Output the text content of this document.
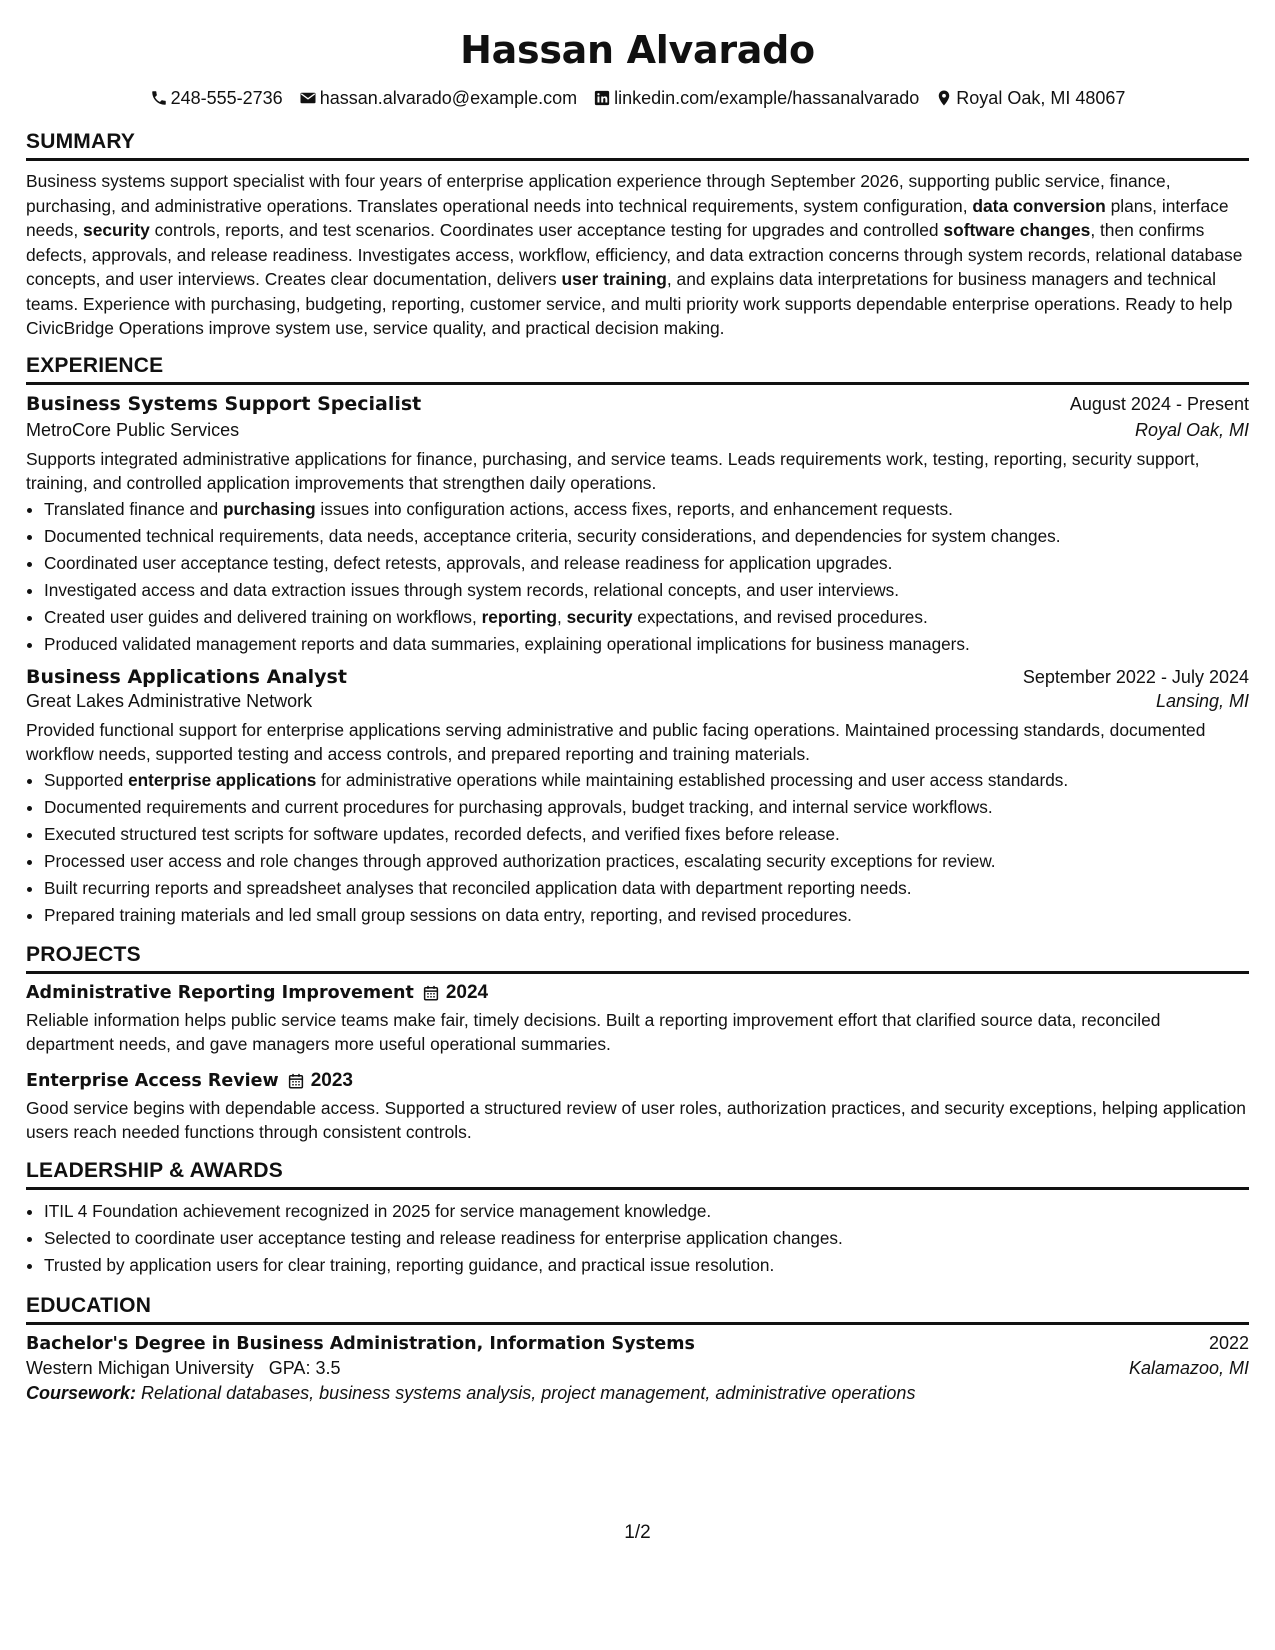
Hassan Alvarado
248-555-2736 hassan.alvarado@example.com linkedin.com/example/hassanalvarado Royal Oak, MI 48067
SUMMARY
Business systems support specialist with four years of enterprise application experience through September 2026, supporting public service, finance, purchasing, and administrative operations. Translates operational needs into technical requirements, system configuration, data conversion plans, interface needs, security controls, reports, and test scenarios. Coordinates user acceptance testing for upgrades and controlled software changes, then confirms defects, approvals, and release readiness. Investigates access, workflow, efficiency, and data extraction concerns through system records, relational database concepts, and user interviews. Creates clear documentation, delivers user training, and explains data interpretations for business managers and technical teams. Experience with purchasing, budgeting, reporting, customer service, and multi priority work supports dependable enterprise operations. Ready to help CivicBridge Operations improve system use, service quality, and practical decision making.
EXPERIENCE
Business Systems Support Specialist	August 2024 - Present
MetroCore Public Services	Royal Oak, MI
Supports integrated administrative applications for finance, purchasing, and service teams. Leads requirements work, testing, reporting, security support, training, and controlled application improvements that strengthen daily operations.
• Translated finance and purchasing issues into configuration actions, access fixes, reports, and enhancement requests.
• Documented technical requirements, data needs, acceptance criteria, security considerations, and dependencies for system changes.
• Coordinated user acceptance testing, defect retests, approvals, and release readiness for application upgrades.
• Investigated access and data extraction issues through system records, relational concepts, and user interviews.
• Created user guides and delivered training on workflows, reporting, security expectations, and revised procedures.
• Produced validated management reports and data summaries, explaining operational implications for business managers.
Business Applications Analyst	September 2022 - July 2024
Great Lakes Administrative Network	Lansing, MI
Provided functional support for enterprise applications serving administrative and public facing operations. Maintained processing standards, documented workflow needs, supported testing and access controls, and prepared reporting and training materials.
• Supported enterprise applications for administrative operations while maintaining established processing and user access standards.
• Documented requirements and current procedures for purchasing approvals, budget tracking, and internal service workflows.
• Executed structured test scripts for software updates, recorded defects, and verified fixes before release.
• Processed user access and role changes through approved authorization practices, escalating security exceptions for review.
• Built recurring reports and spreadsheet analyses that reconciled application data with department reporting needs.
• Prepared training materials and led small group sessions on data entry, reporting, and revised procedures.
PROJECTS
Administrative Reporting Improvement 2024
Reliable information helps public service teams make fair, timely decisions. Built a reporting improvement effort that clarified source data, reconciled department needs, and gave managers more useful operational summaries.
Enterprise Access Review 2023
Good service begins with dependable access. Supported a structured review of user roles, authorization practices, and security exceptions, helping application users reach needed functions through consistent controls.
LEADERSHIP & AWARDS
• ITIL 4 Foundation achievement recognized in 2025 for service management knowledge.
• Selected to coordinate user acceptance testing and release readiness for enterprise application changes.
• Trusted by application users for clear training, reporting guidance, and practical issue resolution.
EDUCATION
Bachelor's Degree in Business Administration, Information Systems	2022
Western Michigan University GPA: 3.5	Kalamazoo, MI
Coursework: Relational databases, business systems analysis, project management, administrative operations
1/2
